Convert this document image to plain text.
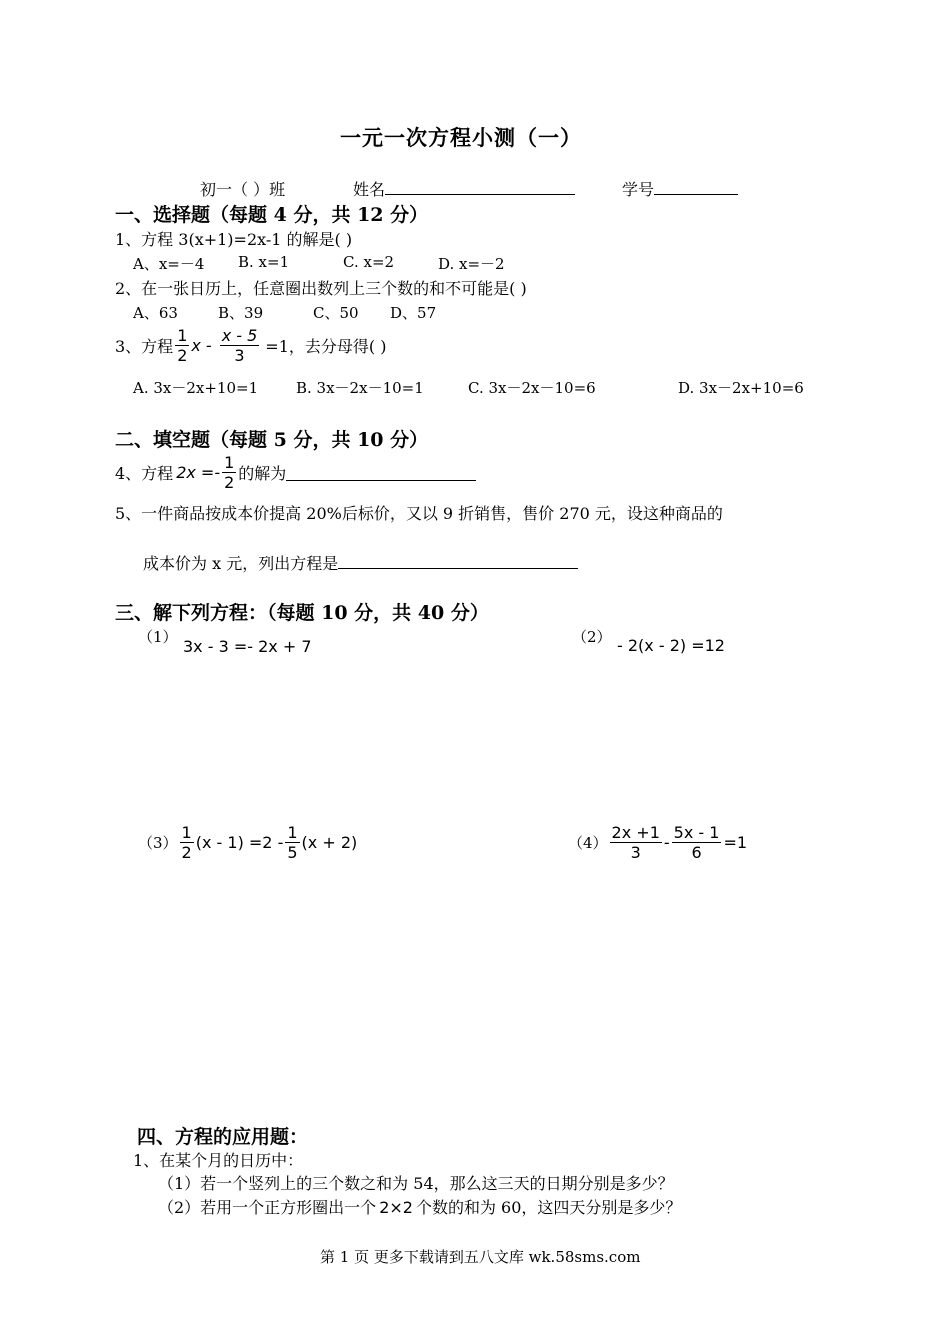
一元一次方程小测（一）
初一（ ）班	姓名	学号
一、选择题（每题 4 分，共 12 分）
1、方程 3(x+1)=2x-1 的解是( )
A、x=－4 B. x=1	C. x=2	D. x=－2
2、在一张日历上，任意圈出数列上三个数的和不可能是( )
A、63	B、39	C、50 D、57
3、方程 $\frac{1}{2}$ $x - \frac{x - 5}{3} =1$，去分母得( )
A. 3x－2x+10=1	B. 3x－2x－10=1	C. 3x－2x－10=6	D. 3x－2x+10=6
二、填空题（每题 5 分，共 10 分）
4、方程 $2x =- \frac{1}{2}$ 的解为
5、一件商品按成本价提高 20%后标价，又以 9 折销售，售价 270 元，设这种商品的
成本价为 x 元，列出方程是
三、解下列方程：（每题 10 分，共 40 分）
（1） 3x - 3 =- 2x + 7	（2） - 2(x - 2) =12
$(3) \frac{1}{2} (x - 1) =2 - \frac{1}{5} (x + 2)$	$(4) \frac{2x +1}{3} - \frac{5x - 1}{6} =1$
四、方程的应用题：
1、在某个月的日历中：
（1）若一个竖列上的三个数之和为 54，那么这三天的日期分别是多少？
（2）若用一个正方形圈出一个 2×2 个数的和为 60，这四天分别是多少？
第 1 页 更多下载请到五八文库 wk.58sms.com
